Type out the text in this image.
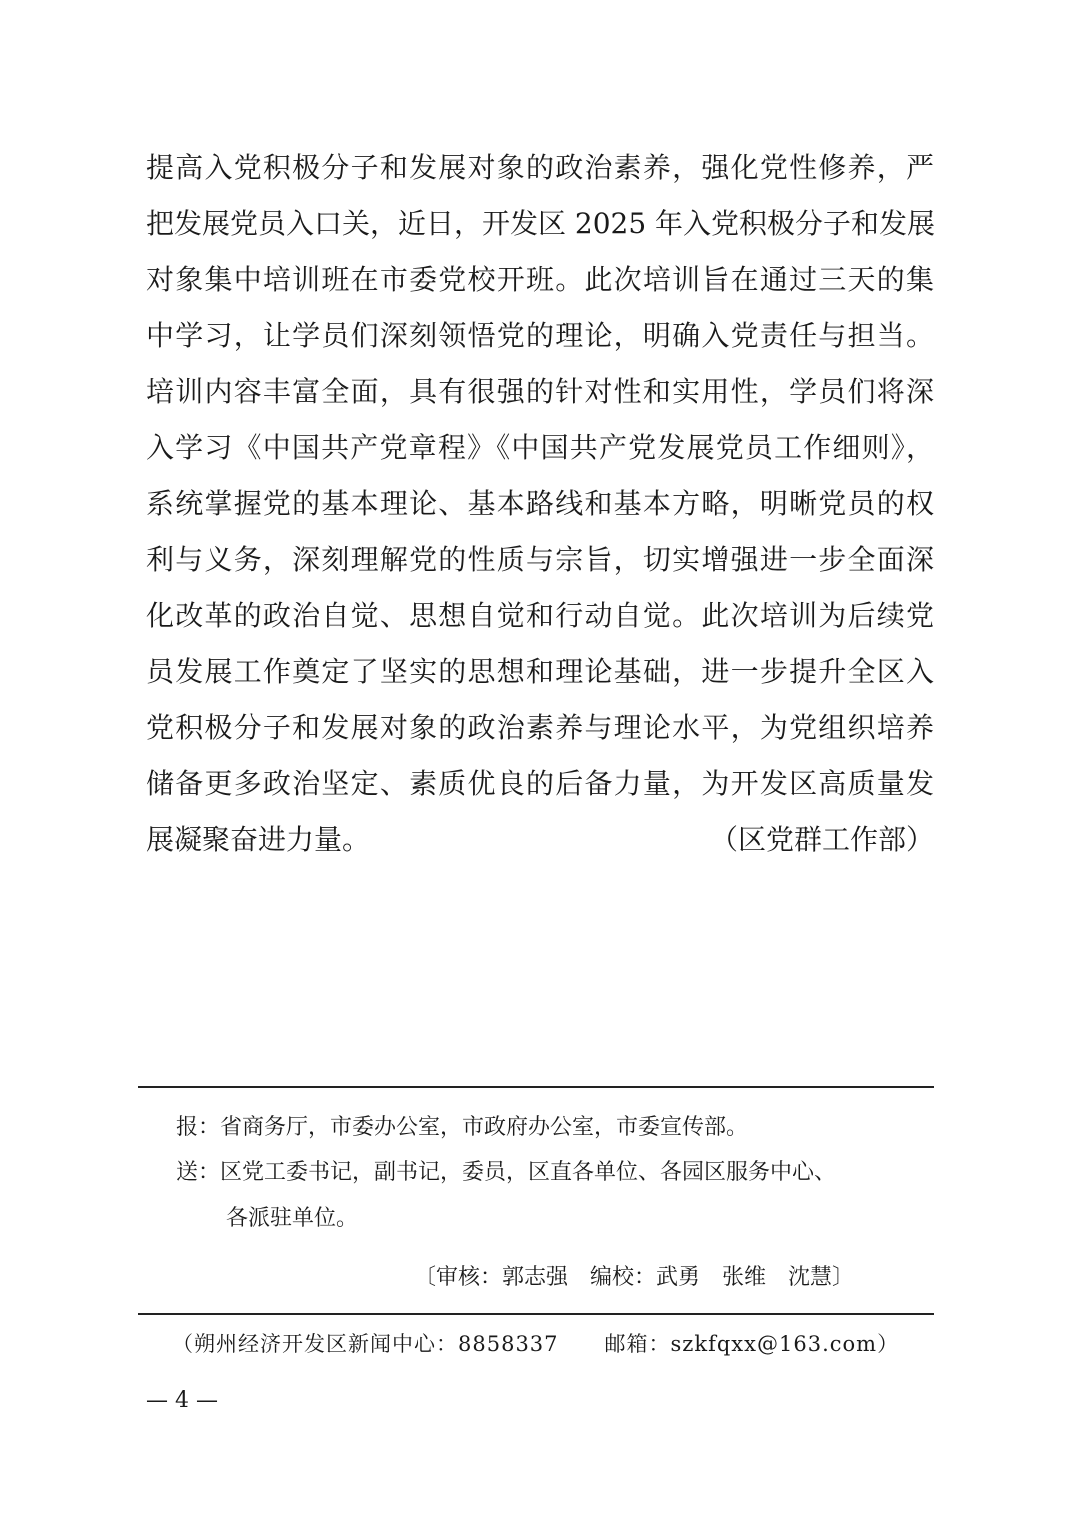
提高入党积极分子和发展对象的政治素养，强化党性修养，严
把发展党员入口关，近日，开发区 2025 年入党积极分子和发展
对象集中培训班在市委党校开班。此次培训旨在通过三天的集
中学习，让学员们深刻领悟党的理论，明确入党责任与担当。
培训内容丰富全面，具有很强的针对性和实用性，学员们将深
入学习《中国共产党章程》《中国共产党发展党员工作细则》，
系统掌握党的基本理论、基本路线和基本方略，明晰党员的权
利与义务，深刻理解党的性质与宗旨，切实增强进一步全面深
化改革的政治自觉、思想自觉和行动自觉。此次培训为后续党
员发展工作奠定了坚实的思想和理论基础，进一步提升全区入
党积极分子和发展对象的政治素养与理论水平，为党组织培养
储备更多政治坚定、素质优良的后备力量，为开发区高质量发
展凝聚奋进力量。	（区党群工作部）
报：省商务厅，市委办公室，市政府办公室，市委宣传部。
送：区党工委书记，副书记，委员，区直各单位、各园区服务中心、
各派驻单位。
〔审核：郭志强　编校：武勇　张维　沈慧〕
（朔州经济开发区新闻中心：8858337 邮箱：szkfqxx@163.com）
— 4 —
